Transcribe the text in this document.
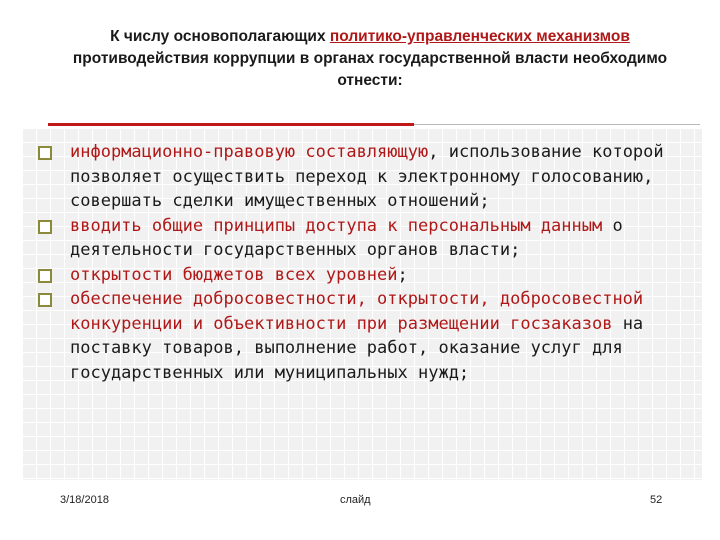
К числу основополагающих политико-управленческих механизмов противодействия коррупции в органах государственной власти необходимо отнести:
информационно-правовую составляющую, использование которой позволяет осуществить переход к электронному голосованию, совершать сделки имущественных отношений;
вводить общие принципы доступа к персональным данным о деятельности государственных органов власти;
открытости бюджетов всех уровней;
обеспечение добросовестности, открытости, добросовестной конкуренции и объективности при размещении госзаказов на поставку товаров, выполнение работ, оказание услуг для государственных или муниципальных нужд;
3/18/2018	слайд	52
